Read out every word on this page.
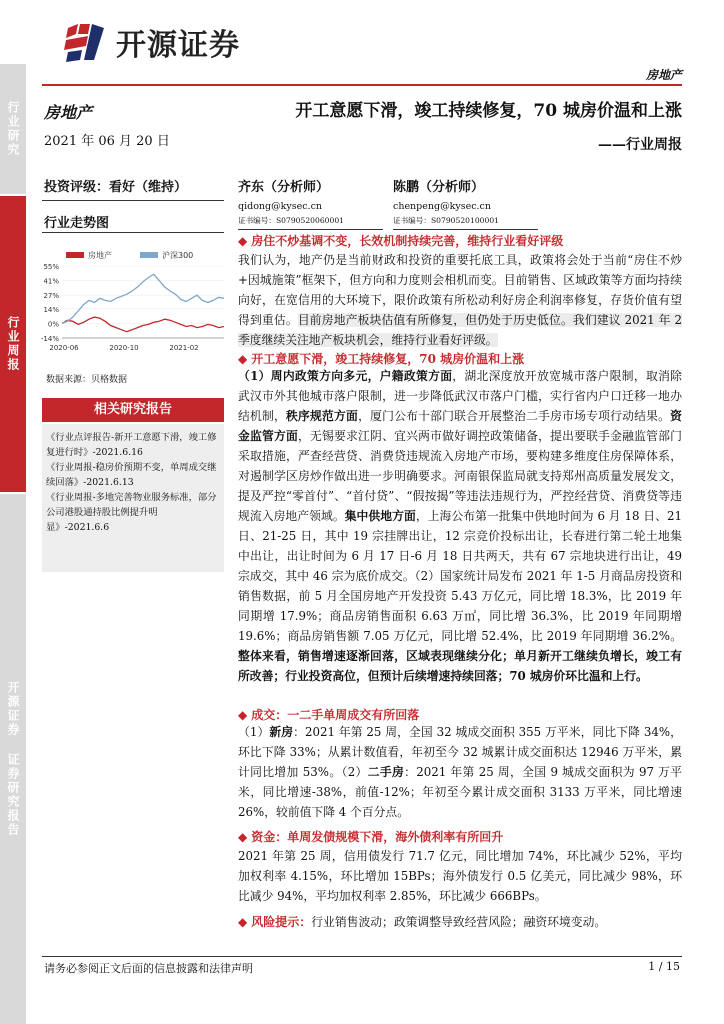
开源证券
房地产
行业研究
行业周报
开源证券 证券研究报告
房地产
2021 年 06 月 20 日
投资评级：看好（维持）
行业走势图
房地产	沪深300
55%
41%
27%
14%
0%
-14%
2020-06	2020-10	2021-02
数据来源：贝格数据
相关研究报告
《行业点评报告-新开工意愿下滑，竣工修复进行时》-2021.6.16
《行业周报-稳房价预期不变，单周成交继续回落》-2021.6.13
《行业周报-多地完善物业服务标准，部分公司港股通持股比例提升明显》-2021.6.6
开工意愿下滑，竣工持续修复，70 城房价温和上涨
——行业周报
齐东（分析师）
qidong@kysec.cn
证书编号：S0790520060001
陈鹏（分析师）
chenpeng@kysec.cn
证书编号：S0790520100001
◆ 房住不炒基调不变，长效机制持续完善，维持行业看好评级
我们认为，地产仍是当前财政和投资的重要托底工具，政策将会处于当前“房住不炒+因城施策”框架下，但方向和力度则会相机而变。目前销售、区域政策等方面均持续向好，在宽信用的大环境下，限价政策有所松动利好房企利润率修复，存货价值有望得到重估。目前房地产板块估值有所修复，但仍处于历史低位。我们建议 2021 年 2 季度继续关注地产板块机会，维持行业看好评级。
◆ 开工意愿下滑，竣工持续修复，70 城房价温和上涨
（1）周内政策方向多元，户籍政策方面，湖北深度放开放宽城市落户限制，取消除武汉市外其他城市落户限制，进一步降低武汉市落户门槛，实行省内户口迁移一地办结机制，秩序规范方面，厦门公布十部门联合开展整治二手房市场专项行动结果。资金监管方面，无锡要求江阴、宜兴两市做好调控政策储备，提出要联手金融监管部门采取措施，严查经营贷、消费贷违规流入房地产市场，要构建多维度住房保障体系，对遏制学区房炒作做出进一步明确要求。河南银保监局就支持郑州高质量发展发文，提及严控“零首付”、“首付贷”、“假按揭”等违法违规行为，严控经营贷、消费贷等违规流入房地产领域。集中供地方面，上海公布第一批集中供地时间为 6 月 18 日、21 日、21-25 日，其中 19 宗挂牌出让，12 宗竞价投标出让，长春进行第二轮土地集中出让，出让时间为 6 月 17 日-6 月 18 日共两天，共有 67 宗地块进行出让，49 宗成交，其中 46 宗为底价成交。（2）国家统计局发布 2021 年 1-5 月商品房投资和销售数据，前 5 月全国房地产开发投资 5.43 万亿元，同比增 18.3%，比 2019 年同期增 17.9%；商品房销售面积 6.63 万㎡，同比增 36.3%，比 2019 年同期增 19.6%；商品房销售额 7.05 万亿元，同比增 52.4%，比 2019 年同期增 36.2%。整体来看，销售增速逐渐回落，区域表现继续分化；单月新开工继续负增长，竣工有所改善；行业投资高位，但预计后续增速持续回落；70 城房价环比温和上行。
◆ 成交：一二手单周成交有所回落
（1）新房：2021 年第 25 周，全国 32 城成交面积 355 万平米，同比下降 34%，环比下降 33%；从累计数值看，年初至今 32 城累计成交面积达 12946 万平米，累计同比增加 53%。（2）二手房：2021 年第 25 周，全国 9 城成交面积为 97 万平米，同比增速-38%，前值-12%；年初至今累计成交面积 3133 万平米，同比增速 26%，较前值下降 4 个百分点。
◆ 资金：单周发债规模下滑，海外债利率有所回升
2021 年第 25 周，信用债发行 71.7 亿元，同比增加 74%，环比减少 52%，平均加权利率 4.15%，环比增加 15BPs；海外债发行 0.5 亿美元，同比减少 98%，环比减少 94%，平均加权利率 2.85%，环比减少 666BPs。
◆ 风险提示：行业销售波动；政策调整导致经营风险；融资环境变动。
请务必参阅正文后面的信息披露和法律声明	1 / 15
